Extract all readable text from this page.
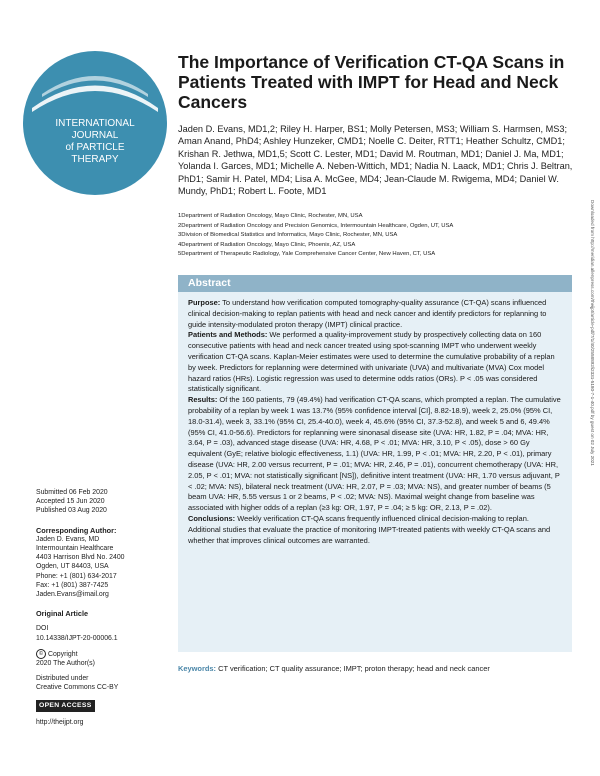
INTERNATIONAL
JOURNAL
of PARTICLE
THERAPY
The Importance of Verification CT-QA Scans in Patients Treated with IMPT for Head and Neck Cancers

Jaden D. Evans, MD1,2; Riley H. Harper, BS1; Molly Petersen, MS3; William S. Harmsen, MS3; Aman Anand, PhD4; Ashley Hunzeker, CMD1; Noelle C. Deiter, RTT1; Heather Schultz, CMD1; Krishan R. Jethwa, MD1,5; Scott C. Lester, MD1; David M. Routman, MD1; Daniel J. Ma, MD1; Yolanda I. Garces, MD1; Michelle A. Neben-Wittich, MD1; Nadia N. Laack, MD1; Chris J. Beltran, PhD1; Samir H. Patel, MD4; Lisa A. McGee, MD4; Jean-Claude M. Rwigema, MD4; Daniel W. Mundy, PhD1; Robert L. Foote, MD1

1Department of Radiation Oncology, Mayo Clinic, Rochester, MN, USA
2Department of Radiation Oncology and Precision Genomics, Intermountain Healthcare, Ogden, UT, USA
3Division of Biomedical Statistics and Informatics, Mayo Clinic, Rochester, MN, USA
4Department of Radiation Oncology, Mayo Clinic, Phoenix, AZ, USA
5Department of Therapeutic Radiology, Yale Comprehensive Cancer Center, New Haven, CT, USA
Abstract

Purpose: To understand how verification computed tomography-quality assurance (CT-QA) scans influenced clinical decision-making to replan patients with head and neck cancer and identify predictors for replanning to guide intensity-modulated proton therapy (IMPT) clinical practice.

Patients and Methods: We performed a quality-improvement study by prospectively collecting data on 160 consecutive patients with head and neck cancer treated using spot-scanning IMPT who underwent weekly verification CT-QA scans. Kaplan-Meier estimates were used to determine the cumulative probability of a replan by week. Predictors for replanning were determined with univariate (UVA) and multivariate (MVA) Cox model hazard ratios (HRs). Logistic regression was used to determine odds ratios (ORs). P < .05 was considered statistically significant.

Results: Of the 160 patients, 79 (49.4%) had verification CT-QA scans, which prompted a replan. The cumulative probability of a replan by week 1 was 13.7% (95% confidence interval [CI], 8.82-18.9), week 2, 25.0% (95% CI, 18.0-31.4), week 3, 33.1% (95% CI, 25.4-40.0), week 4, 45.6% (95% CI, 37.3-52.8), and week 5 and 6, 49.4% (95% CI, 41.0-56.6). Predictors for replanning were sinonasal disease site (UVA: HR, 1.82, P = .04; MVA: HR, 3.64, P = .03), advanced stage disease (UVA: HR, 4.68, P < .01; MVA: HR, 3.10, P < .05), dose > 60 Gy equivalent (GyE; relative biologic effectiveness, 1.1) (UVA: HR, 1.99, P < .01; MVA: HR, 2.20, P < .01), primary disease (UVA: HR, 2.00 versus recurrent, P = .01; MVA: HR, 2.46, P = .01), concurrent chemotherapy (UVA: HR, 2.05, P < .01; MVA: not statistically significant [NS]), definitive intent treatment (UVA: HR, 1.70 versus adjuvant, P < .02; MVA: NS), bilateral neck treatment (UVA: HR, 2.07, P = .03; MVA: NS), and greater number of beams (5 beam UVA: HR, 5.55 versus 1 or 2 beams, P < .02; MVA: NS). Maximal weight change from baseline was associated with higher odds of a replan (≥3 kg: OR, 1.97, P = .04; ≥ 5 kg: OR, 2.13, P = .02).

Conclusions: Weekly verification CT-QA scans frequently influenced clinical decision-making to replan. Additional studies that evaluate the practice of monitoring IMPT-treated patients with weekly CT-QA scans and whether that improves clinical outcomes are warranted.

Keywords: CT verification; CT quality assurance; IMPT; proton therapy; head and neck cancer

Submitted 06 Feb 2020
Accepted 15 Jun 2020
Published 03 Aug 2020
Corresponding Author:
Jaden D. Evans, MD
Intermountain Healthcare
4403 Harrison Blvd No. 2400
Ogden, UT 84403, USA
Phone: +1 (801) 634-2017
Fax: +1 (801) 387-7425
Jaden.Evans@imail.org
Original Article
DOI
10.14338/IJPT-20-00006.1
© Copyright
2020 The Author(s)
Distributed under
Creative Commons CC-BY
OPEN ACCESS
http://theijpt.org
Downloaded from http://meridian.allenpress.com/theijpt/article-pdf/7/1/40/2558892/i2331-5180-7-1-40.pdf by guest on 02 July 2021
